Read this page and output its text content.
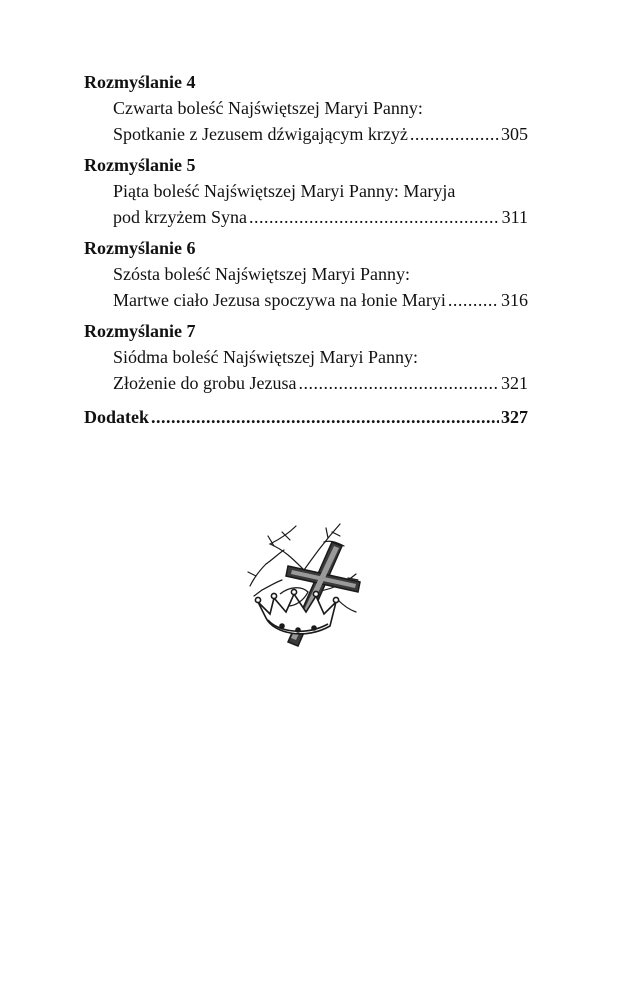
Rozmyślanie 4
Czwarta boleść Najświętszej Maryi Panny:
Spotkanie z Jezusem dźwigającym krzyż .....	305
Rozmyślanie 5
Piąta boleść Najświętszej Maryi Panny: Maryja
pod krzyżem Syna .....	311
Rozmyślanie 6
Szósta boleść Najświętszej Maryi Panny:
Martwe ciało Jezusa spoczywa na łonie Maryi .....	316
Rozmyślanie 7
Siódma boleść Najświętszej Maryi Panny:
Złożenie do grobu Jezusa .....	321
Dodatek .....	327
